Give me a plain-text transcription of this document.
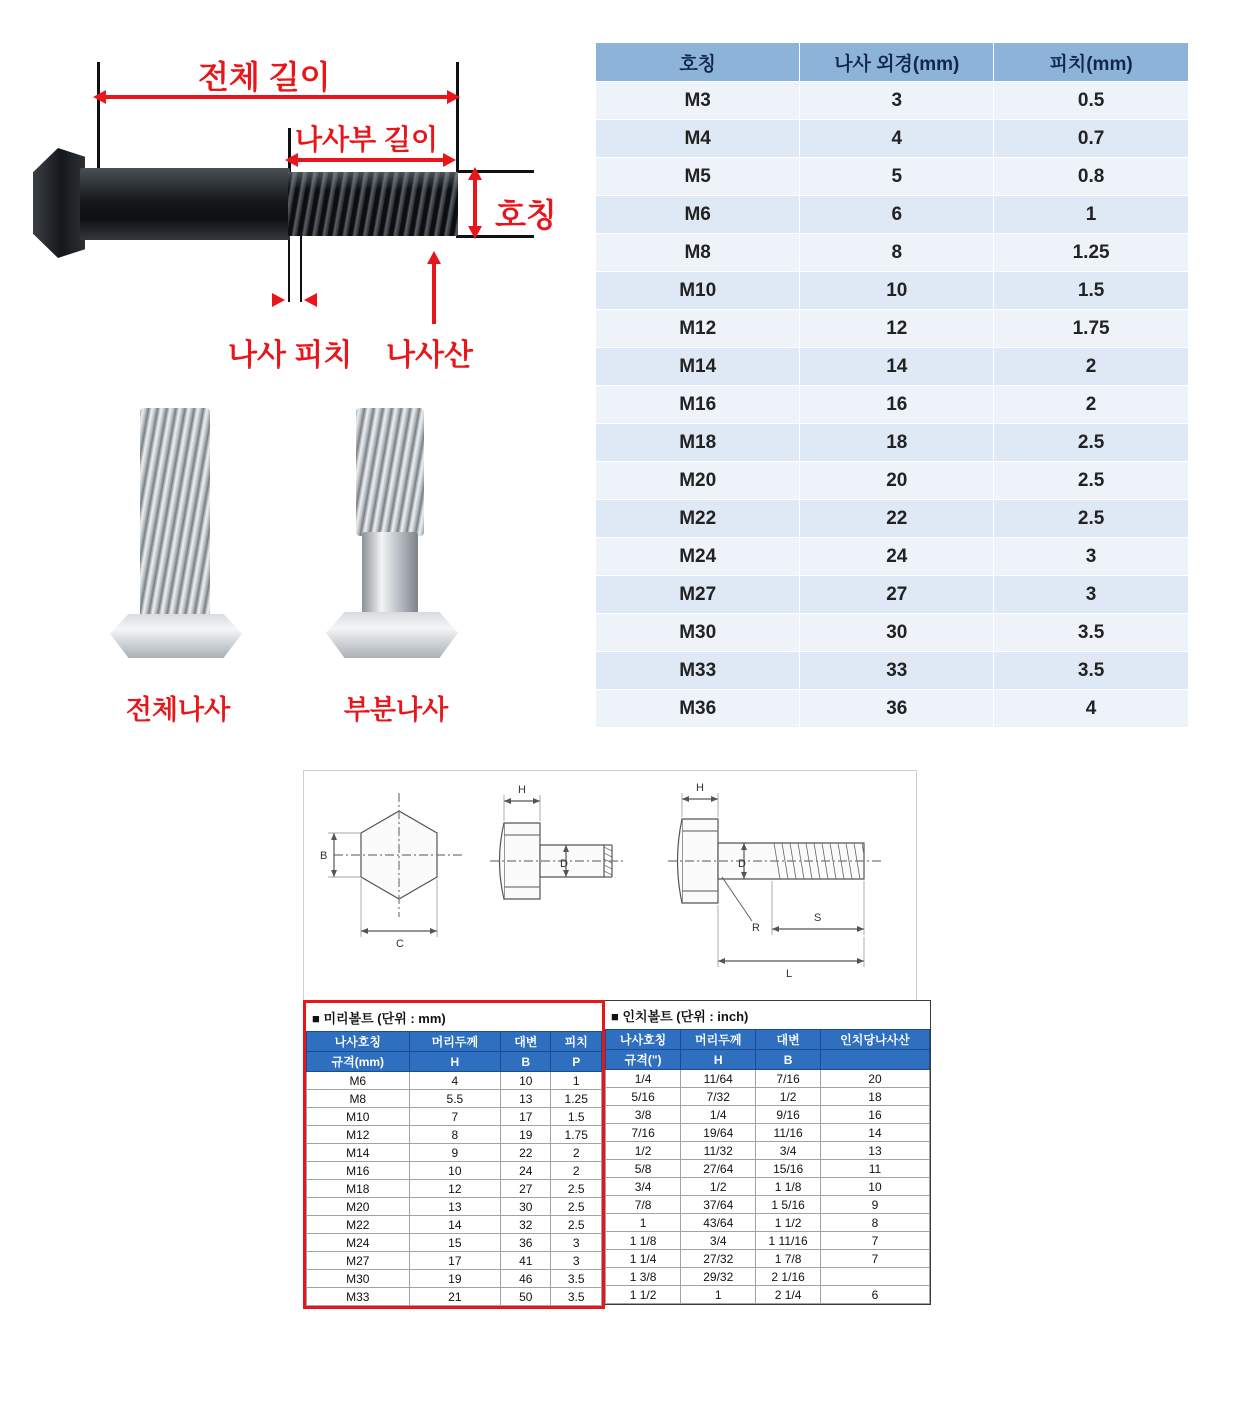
전체 길이
나사부 길이
호칭
나사 피치 나사산
전체나사	부분나사
호칭	나사 외경(mm)	피치(mm)
M3	3	0.5
M4	4	0.7
M5	5	0.8
M6	6	1
M8	8	1.25
M10	10	1.5
M12	12	1.75
M14	14	2
M16	16	2
M18	18	2.5
M20	20	2.5
M22	22	2.5
M24	24	3
M27	27	3
M30	30	3.5
M33	33	3.5
M36	36	4
B
C
H
D
H
D
R
S
L
■ 미리볼트 (단위 : mm)
나사호칭	머리두께	대변	피치
규격(mm)	H	B	P
M6	4	10	1
M8	5.5	13	1.25
M10	7	17	1.5
M12	8	19	1.75
M14	9	22	2
M16	10	24	2
M18	12	27	2.5
M20	13	30	2.5
M22	14	32	2.5
M24	15	36	3
M27	17	41	3
M30	19	46	3.5
M33	21	50	3.5
■ 인치볼트 (단위 : inch)
나사호칭	머리두께	대변	인치당나사산
규격(")	H	B	
1/4	11/64	7/16	20
5/16	7/32	1/2	18
3/8	1/4	9/16	16
7/16	19/64	11/16	14
1/2	11/32	3/4	13
5/8	27/64	15/16	11
3/4	1/2	1 1/8	10
7/8	37/64	1 5/16	9
1	43/64	1 1/2	8
1 1/8	3/4	1 11/16	7
1 1/4	27/32	1 7/8	7
1 3/8	29/32	2 1/16	
1 1/2	1	2 1/4	6
